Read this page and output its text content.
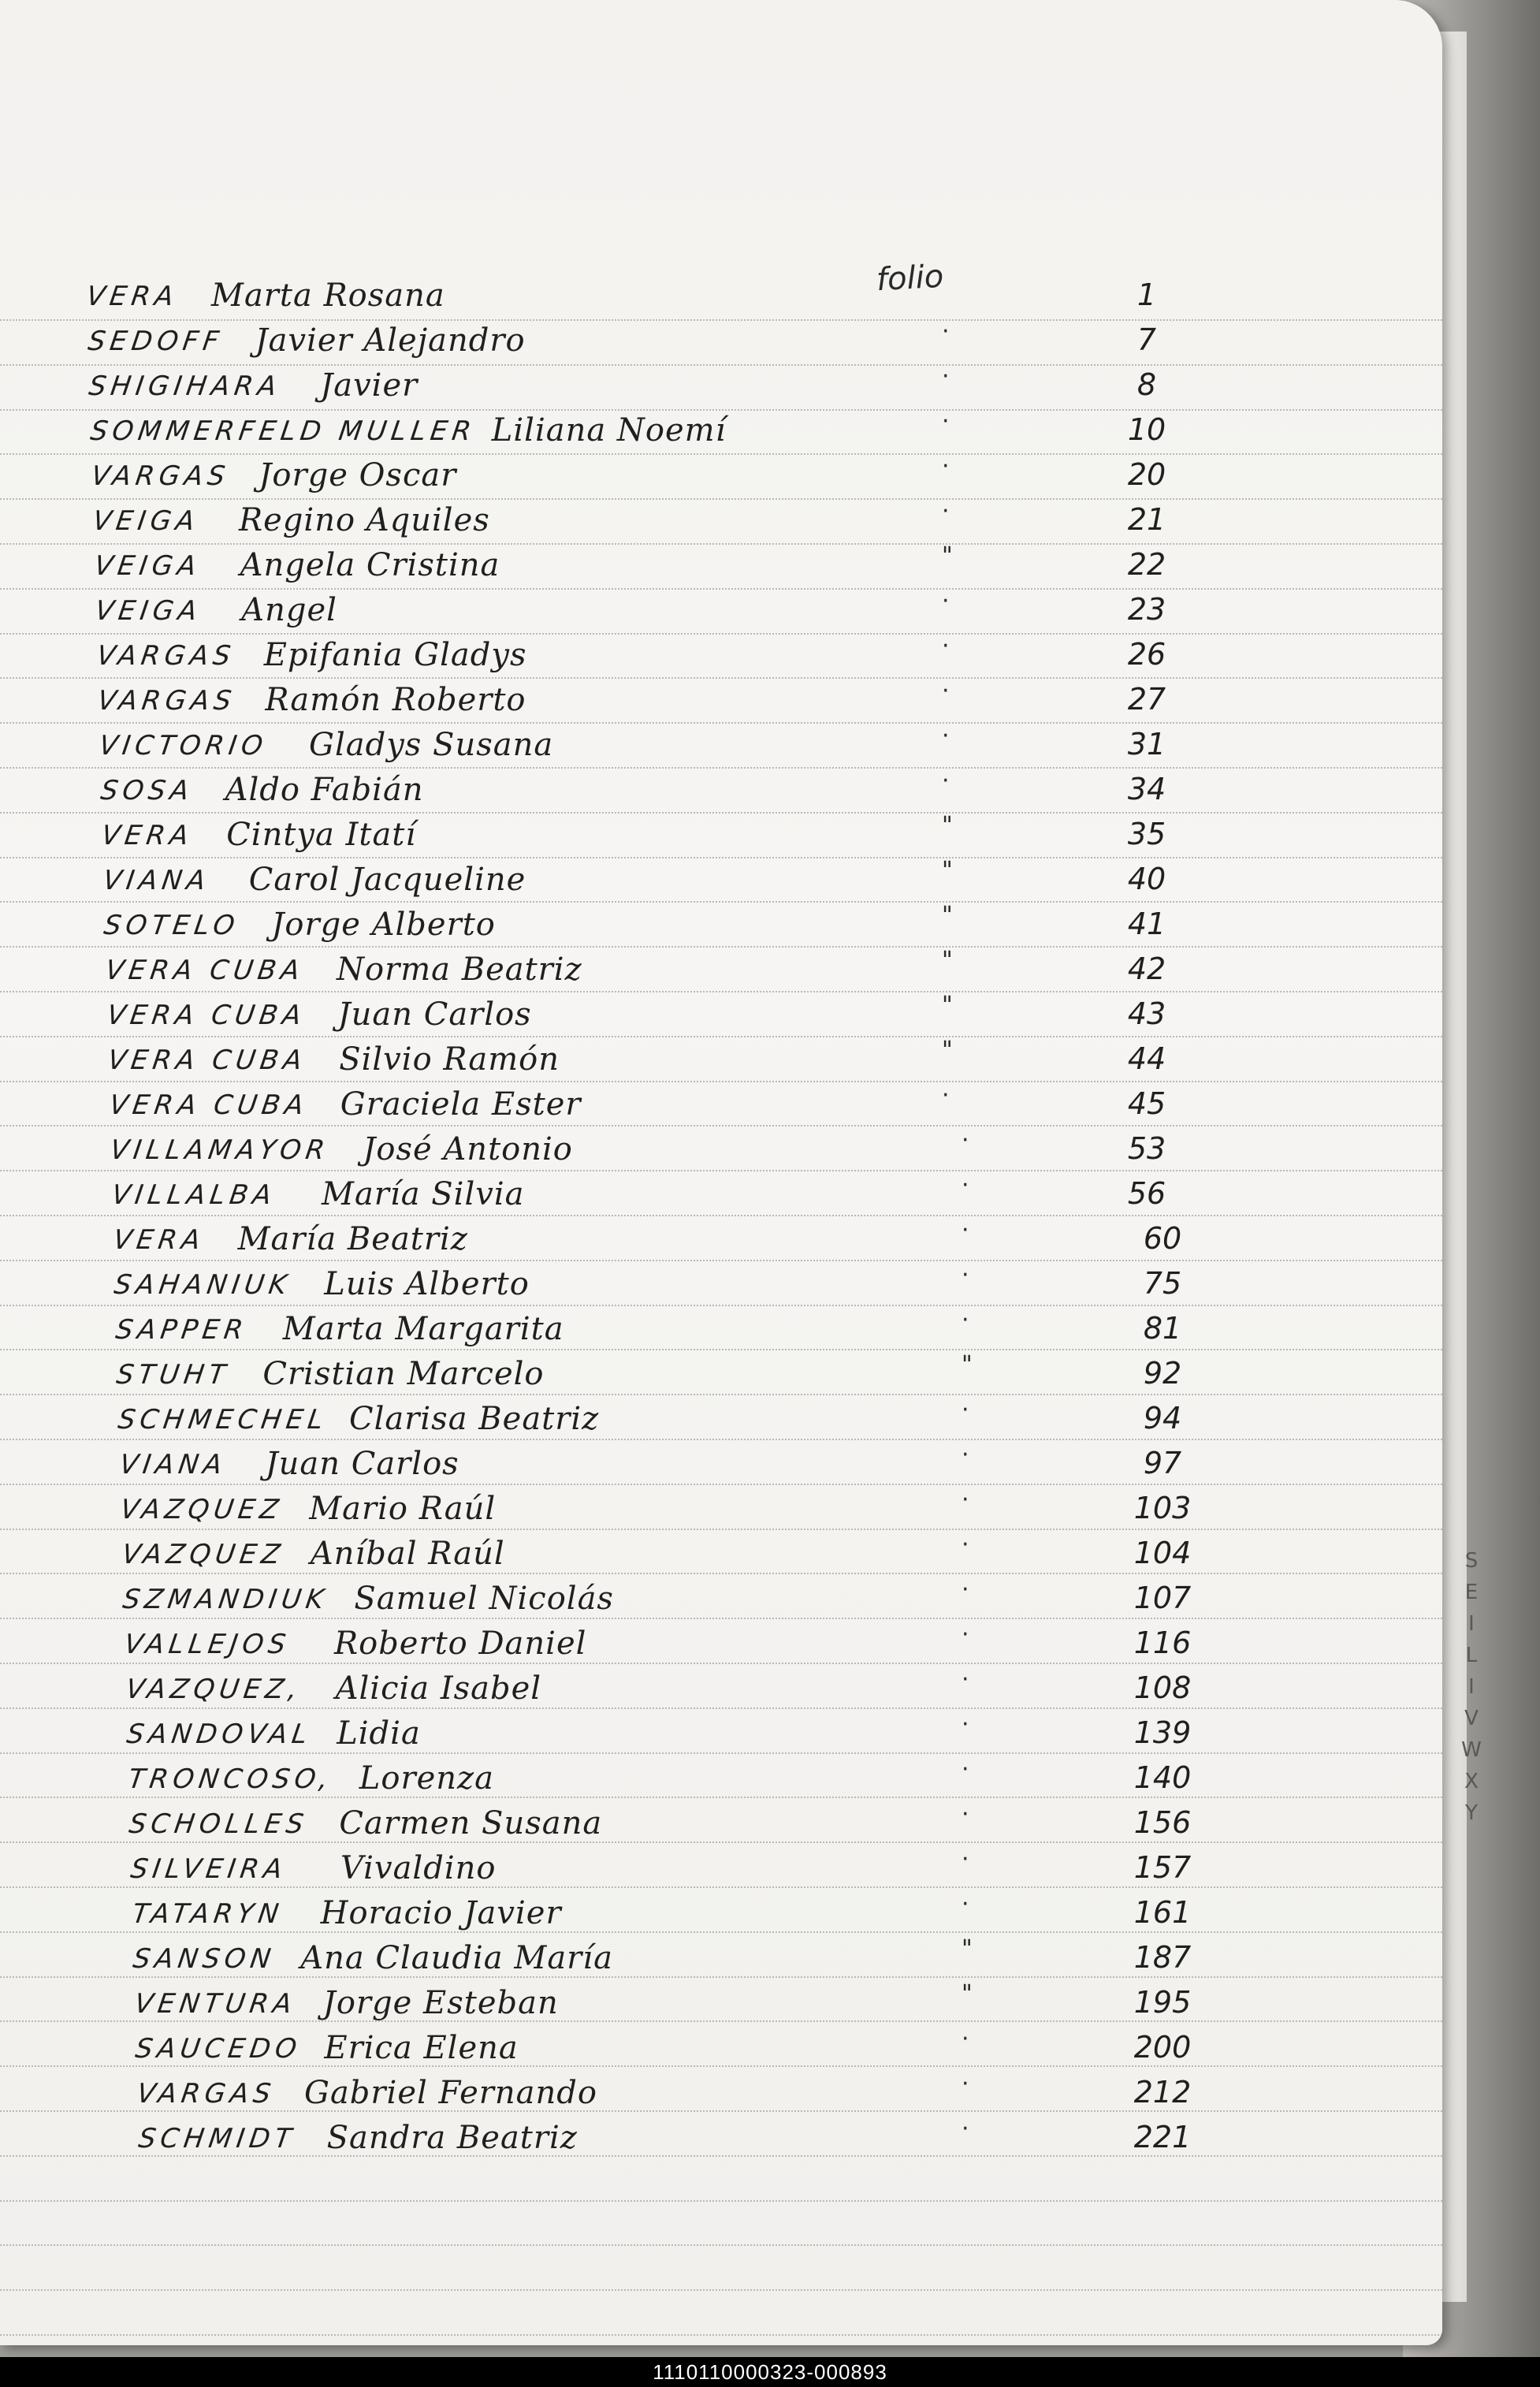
folio
VERA Marta Rosana	1
SEDOFF Javier Alejandro	·	7
SHIGIHARA Javier	·	8
SOMMERFELD MULLER Liliana Noemí	·	10
VARGAS Jorge Oscar	·	20
VEIGA Regino Aquiles	·	21
VEIGA Angela Cristina	"	22
VEIGA Angel	·	23
VARGAS Epifania Gladys	·	26
VARGAS Ramón Roberto	·	27
VICTORIO Gladys Susana	·	31
SOSA Aldo Fabián	·	34
VERA Cintya Itatí	"	35
VIANA Carol Jacqueline	"	40
SOTELO Jorge Alberto	"	41
VERA CUBA Norma Beatriz	"	42
VERA CUBA Juan Carlos	"	43
VERA CUBA Silvio Ramón	"	44
VERA CUBA Graciela Ester	·	45
VILLAMAYOR José Antonio	·	53
VILLALBA María Silvia	·	56
VERA María Beatriz	·	60
SAHANIUK Luis Alberto	·	75
SAPPER Marta Margarita	·	81
STUHT Cristian Marcelo	"	92
SCHMECHEL Clarisa Beatriz	·	94
VIANA Juan Carlos	·	97
VAZQUEZ Mario Raúl	·	103
VAZQUEZ Aníbal Raúl	·	104
SZMANDIUK Samuel Nicolás	·	107
VALLEJOS Roberto Daniel	·	116
VAZQUEZ, Alicia Isabel	·	108
SANDOVAL Lidia	·	139
TRONCOSO, Lorenza	·	140
SCHOLLES Carmen Susana	·	156
SILVEIRA Vivaldino	·	157
TATARYN Horacio Javier	·	161
SANSON Ana Claudia María	"	187
VENTURA Jorge Esteban	"	195
SAUCEDO Erica Elena	·	200
VARGAS Gabriel Fernando	·	212
SCHMIDT Sandra Beatriz	·	221
S E I L I V W X Y
1110110000323-000893
